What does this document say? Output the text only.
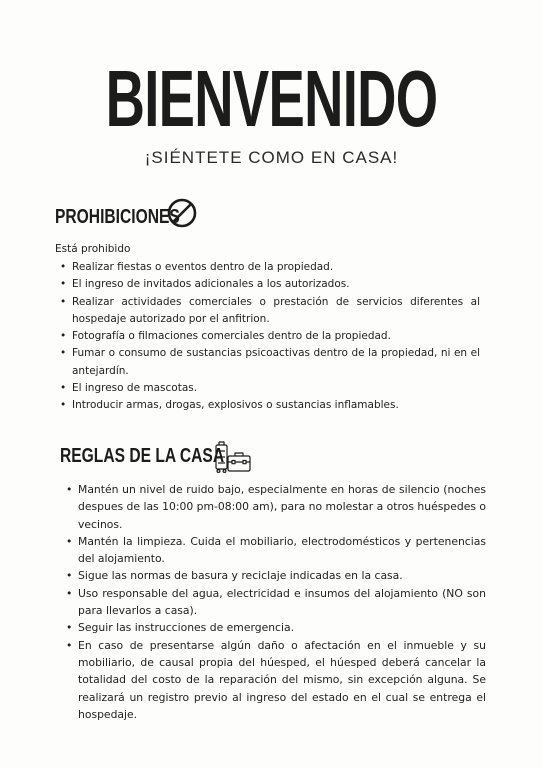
BIENVENIDO
¡SIÉNTETE COMO EN CASA!
PROHIBICIONES
Está prohibido
• Realizar fiestas o eventos dentro de la propiedad.
• El ingreso de invitados adicionales a los autorizados.
• Realizar actividades comerciales o prestación de servicios diferentes al hospedaje autorizado por el anfitrion.
• Fotografía o filmaciones comerciales dentro de la propiedad.
• Fumar o consumo de sustancias psicoactivas dentro de la propiedad, ni en el antejardín.
• El ingreso de mascotas.
• Introducir armas, drogas, explosivos o sustancias inflamables.
REGLAS DE LA CASA
• Mantén un nivel de ruido bajo, especialmente en horas de silencio (noches despues de las 10:00 pm-08:00 am), para no molestar a otros huéspedes o vecinos.
• Mantén la limpieza. Cuida el mobiliario, electrodomésticos y pertenencias del alojamiento.
• Sigue las normas de basura y reciclaje indicadas en la casa.
• Uso responsable del agua, electricidad e insumos del alojamiento (NO son para llevarlos a casa).
• Seguir las instrucciones de emergencia.
• En caso de presentarse algún daño o afectación en el inmueble y su mobiliario, de causal propia del húesped, el húesped deberá cancelar la totalidad del costo de la reparación del mismo, sin excepción alguna. Se realizará un registro previo al ingreso del estado en el cual se entrega el hospedaje.
